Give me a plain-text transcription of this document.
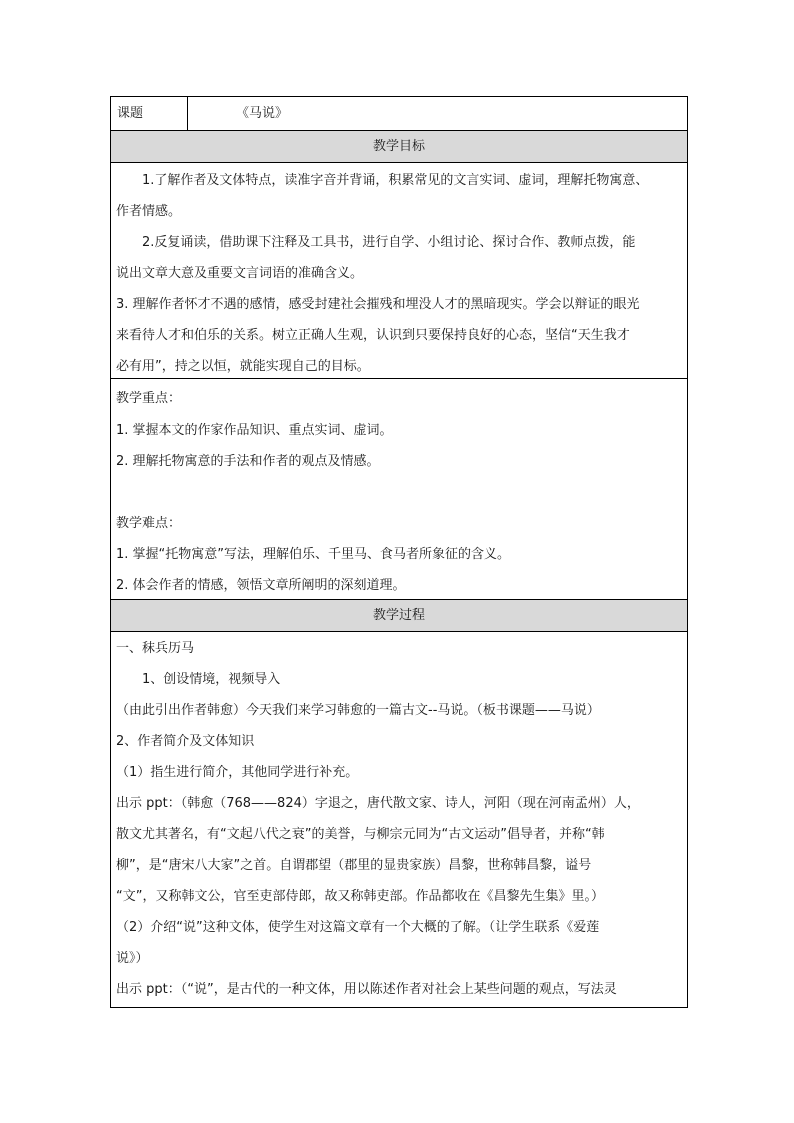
课题	《马说》
教学目标
1.了解作者及文体特点，读准字音并背诵，积累常见的文言实词、虚词，理解托物寓意、
作者情感。
2.反复诵读，借助课下注释及工具书，进行自学、小组讨论、探讨合作、教师点拨，能
说出文章大意及重要文言词语的准确含义。
3. 理解作者怀才不遇的感情，感受封建社会摧残和埋没人才的黑暗现实。学会以辩证的眼光
来看待人才和伯乐的关系。树立正确人生观，认识到只要保持良好的心态，坚信“天生我才
必有用”，持之以恒，就能实现自己的目标。
教学重点：
1. 掌握本文的作家作品知识、重点实词、虚词。
2. 理解托物寓意的手法和作者的观点及情感。
教学难点：
1. 掌握“托物寓意”写法，理解伯乐、千里马、食马者所象征的含义。
2. 体会作者的情感，领悟文章所阐明的深刻道理。
教学过程
一、秣兵历马
1、创设情境，视频导入
（由此引出作者韩愈）今天我们来学习韩愈的一篇古文--马说。（板书课题——马说）
2、作者简介及文体知识
（1）指生进行简介，其他同学进行补充。
出示 ppt：（韩愈（768——824）字退之，唐代散文家、诗人，河阳（现在河南孟州）人，
散文尤其著名，有“文起八代之衰”的美誉，与柳宗元同为“古文运动”倡导者，并称“韩
柳”，是“唐宋八大家”之首。自谓郡望（郡里的显贵家族）昌黎，世称韩昌黎，谥号
“文”，又称韩文公，官至吏部侍郎，故又称韩吏部。作品都收在《昌黎先生集》里。）
（2）介绍“说”这种文体，使学生对这篇文章有一个大概的了解。（让学生联系《爱莲
说》）
出示 ppt：（“说”，是古代的一种文体，用以陈述作者对社会上某些问题的观点，写法灵
